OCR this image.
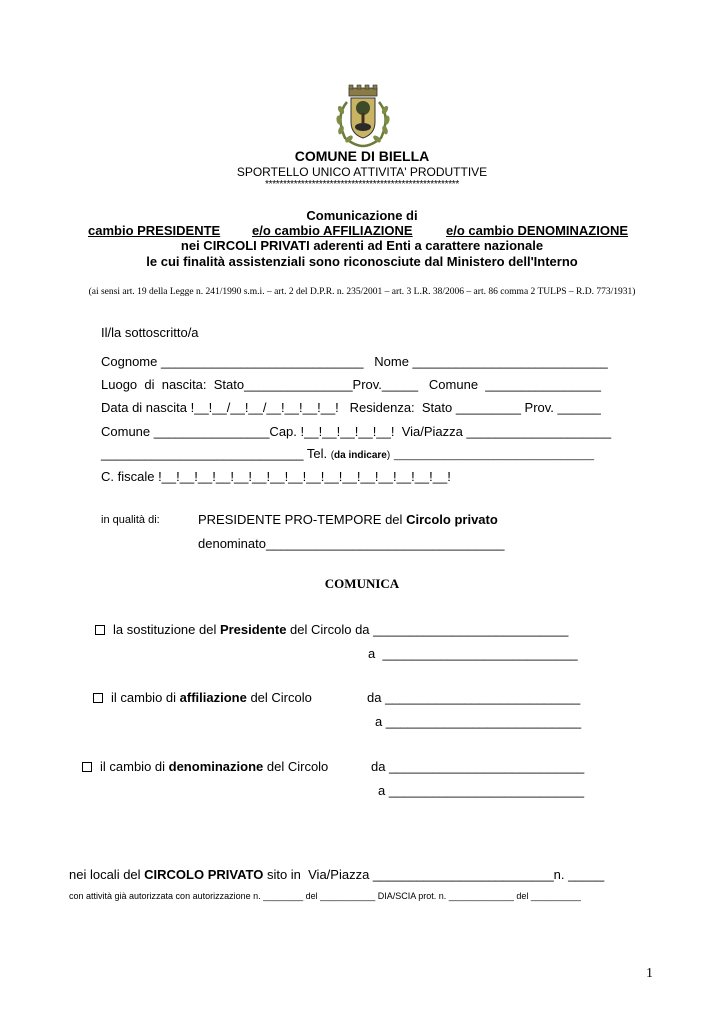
COMUNE DI BIELLA
SPORTELLO UNICO ATTIVITA' PRODUTTIVE
******************************************************
Comunicazione di
cambio PRESIDENTE e/o cambio AFFILIAZIONE	e/o cambio DENOMINAZIONE
nei CIRCOLI PRIVATI aderenti ad Enti a carattere nazionale
le cui finalità assistenziali sono riconosciute dal Ministero dell'Interno
(ai sensi art. 19 della Legge n. 241/1990 s.m.i. – art. 2 del D.P.R. n. 235/2001 – art. 3 L.R. 38/2006 – art. 86 comma 2 TULPS – R.D. 773/1931)
Il/la sottoscritto/a
Cognome ____________________________   Nome ___________________________
Luogo  di  nascita:  Stato_______________Prov._____   Comune  ________________
Data di nascita !__!__/__!__/__!__!__!__!   Residenza:  Stato _________ Prov. ______
Comune ________________Cap. !__!__!__!__!__!  Via/Piazza ____________________
____________________________ Tel. (da indicare) ____________________________________
C. fiscale !__!__!__!__!__!__!__!__!__!__!__!__!__!__!__!__!
in qualità di:	PRESIDENTE PRO-TEMPORE del Circolo privato
denominato_________________________________
COMUNICA
la sostituzione del Presidente del Circolo da ___________________________
a  ___________________________
il cambio di affiliazione del Circolo	da ___________________________
a ___________________________
il cambio di denominazione del Circolo	da ___________________________
a ___________________________
nei locali del CIRCOLO PRIVATO sito in  Via/Piazza _________________________n. _____
con attività già autorizzata con autorizzazione n. ________ del ___________ DIA/SCIA prot. n. _____________ del __________
1
